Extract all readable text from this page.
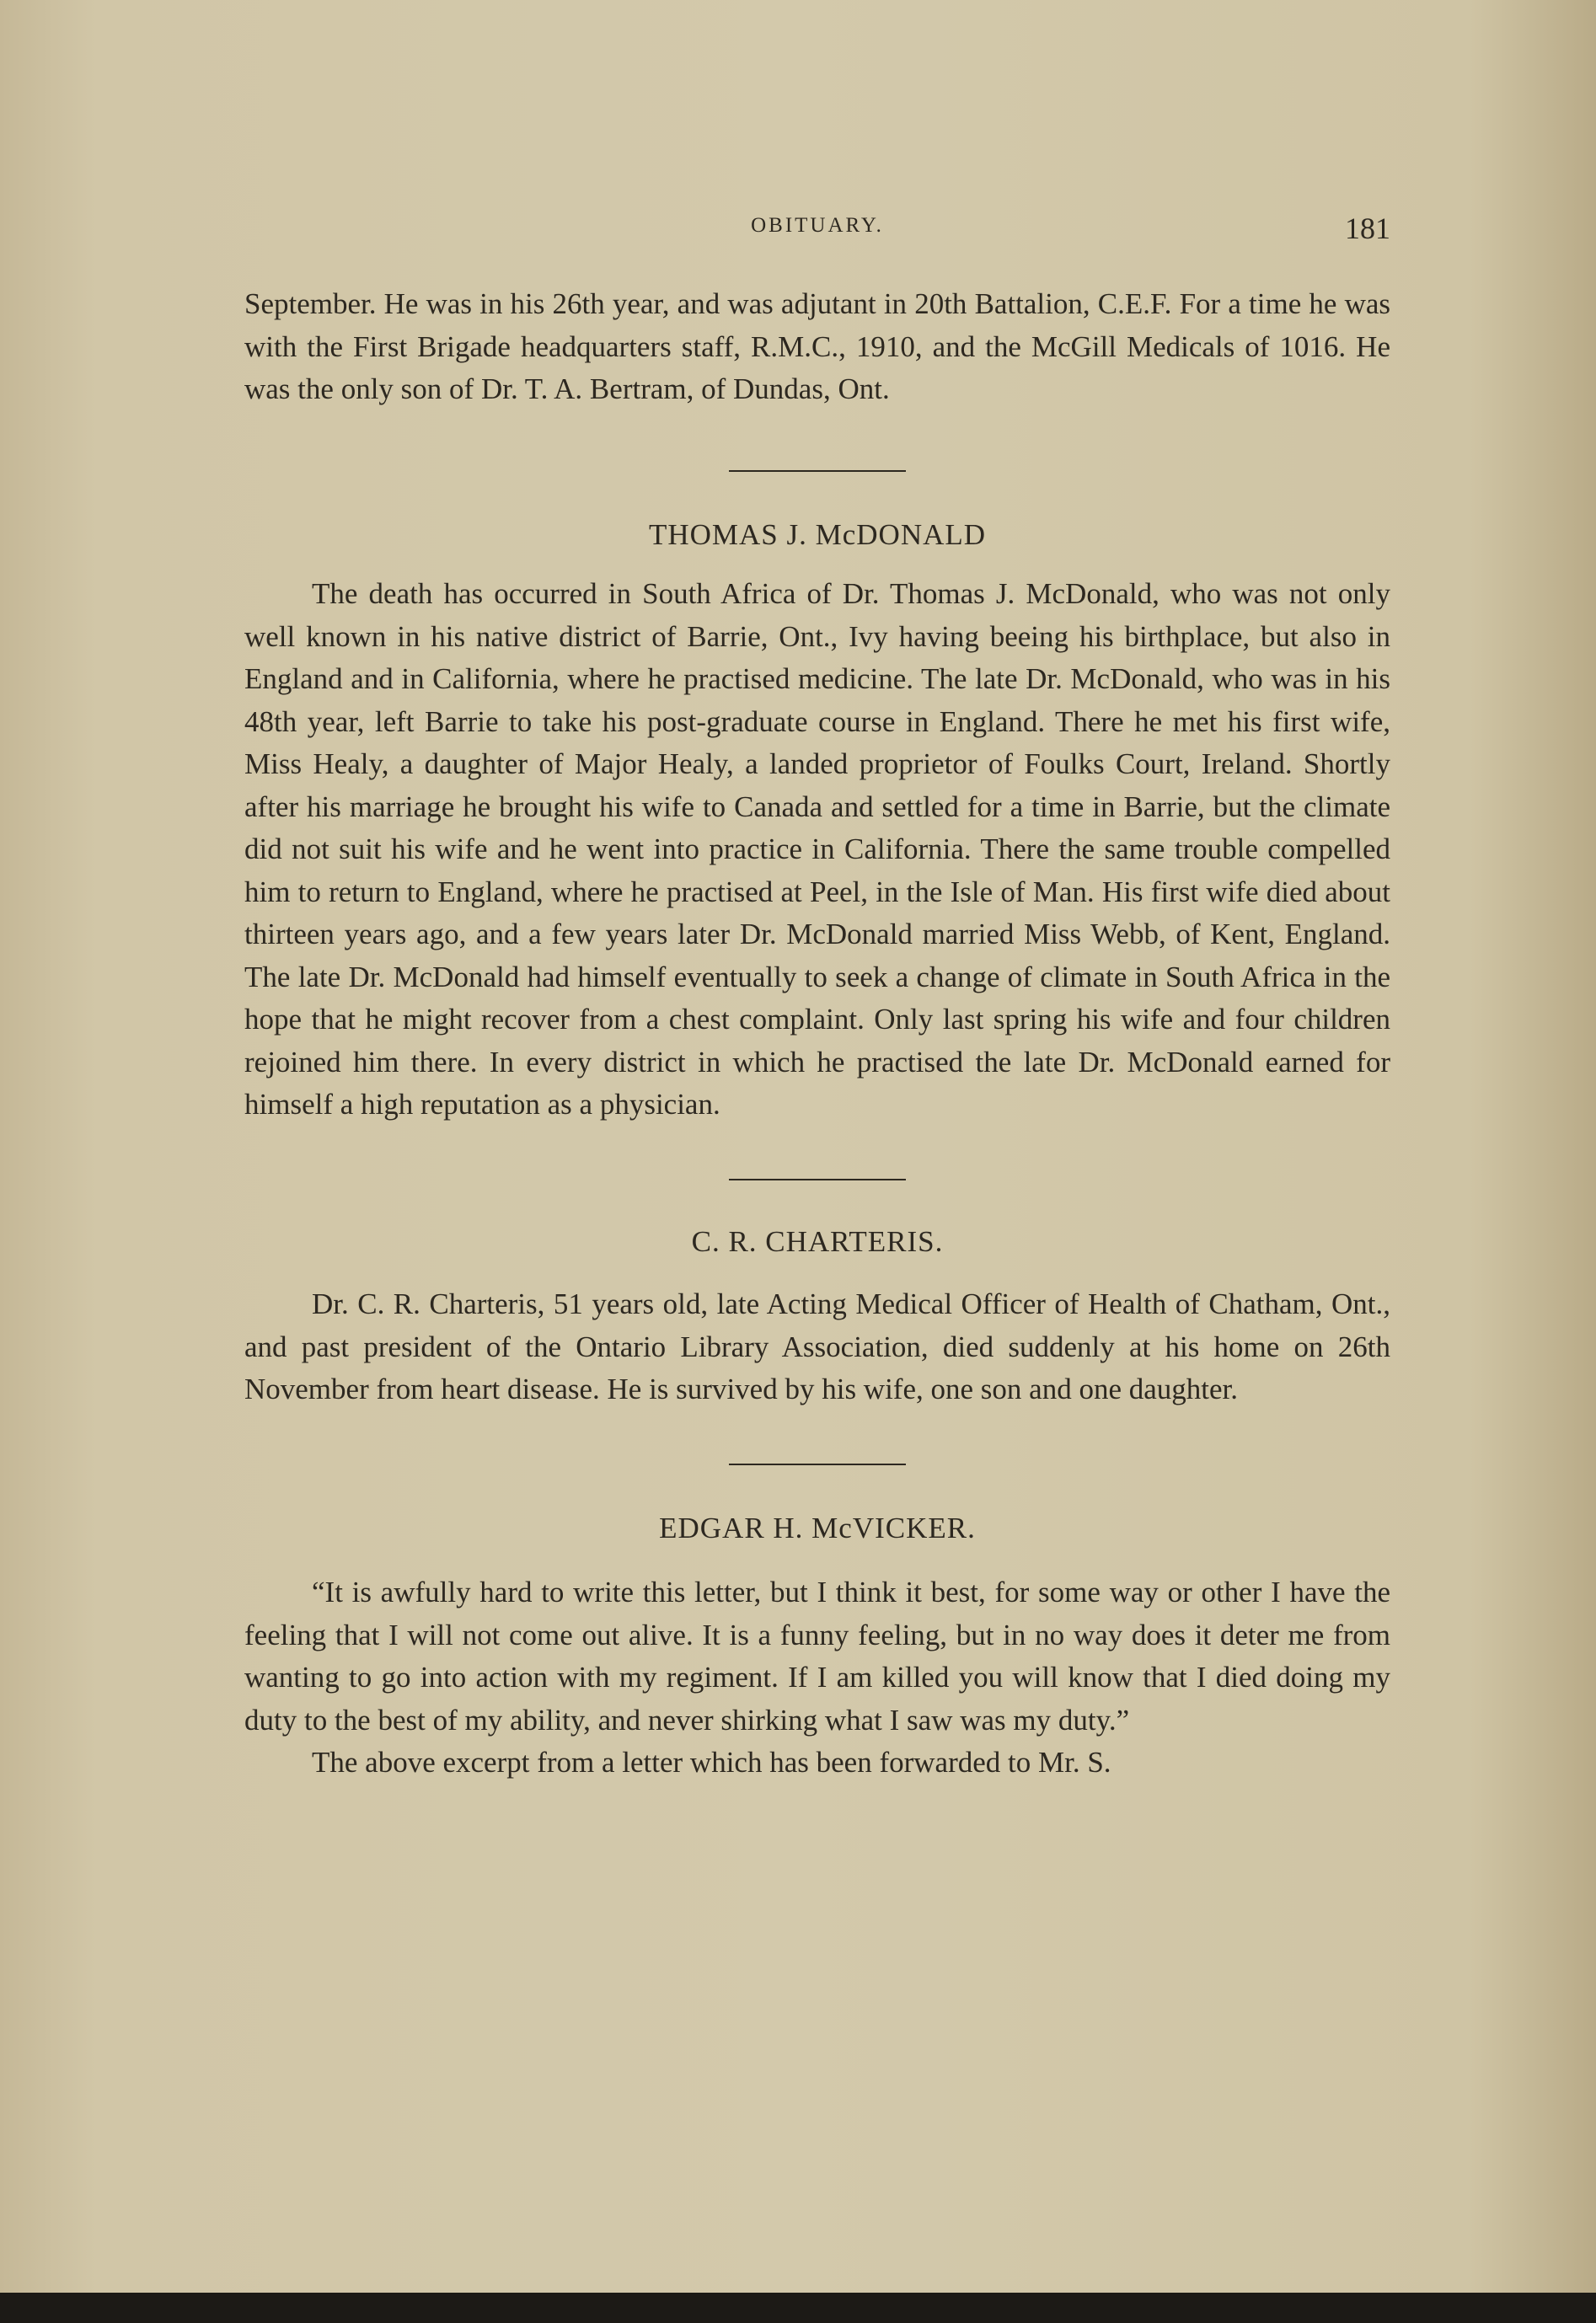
OBITUARY.	181

September. He was in his 26th year, and was adjutant in 20th Battalion, C.E.F. For a time he was with the First Brigade headquarters staff, R.M.C., 1910, and the McGill Medicals of 1016. He was the only son of Dr. T. A. Bertram, of Dundas, Ont.

THOMAS J. McDONALD

The death has occurred in South Africa of Dr. Thomas J. McDonald, who was not only well known in his native district of Barrie, Ont., Ivy having beeing his birthplace, but also in England and in California, where he practised medicine. The late Dr. McDonald, who was in his 48th year, left Barrie to take his post-graduate course in England. There he met his first wife, Miss Healy, a daughter of Major Healy, a landed proprietor of Foulks Court, Ireland. Shortly after his marriage he brought his wife to Canada and settled for a time in Barrie, but the climate did not suit his wife and he went into practice in California. There the same trouble compelled him to return to England, where he practised at Peel, in the Isle of Man. His first wife died about thirteen years ago, and a few years later Dr. McDonald married Miss Webb, of Kent, England. The late Dr. McDonald had himself eventually to seek a change of climate in South Africa in the hope that he might recover from a chest complaint. Only last spring his wife and four children rejoined him there. In every district in which he practised the late Dr. McDonald earned for himself a high reputation as a physician.

C. R. CHARTERIS.

Dr. C. R. Charteris, 51 years old, late Acting Medical Officer of Health of Chatham, Ont., and past president of the Ontario Library Association, died suddenly at his home on 26th November from heart disease. He is survived by his wife, one son and one daughter.

EDGAR H. McVICKER.

“It is awfully hard to write this letter, but I think it best, for some way or other I have the feeling that I will not come out alive. It is a funny feeling, but in no way does it deter me from wanting to go into action with my regiment. If I am killed you will know that I died doing my duty to the best of my ability, and never shirking what I saw was my duty.”

The above excerpt from a letter which has been forwarded to Mr. S.
